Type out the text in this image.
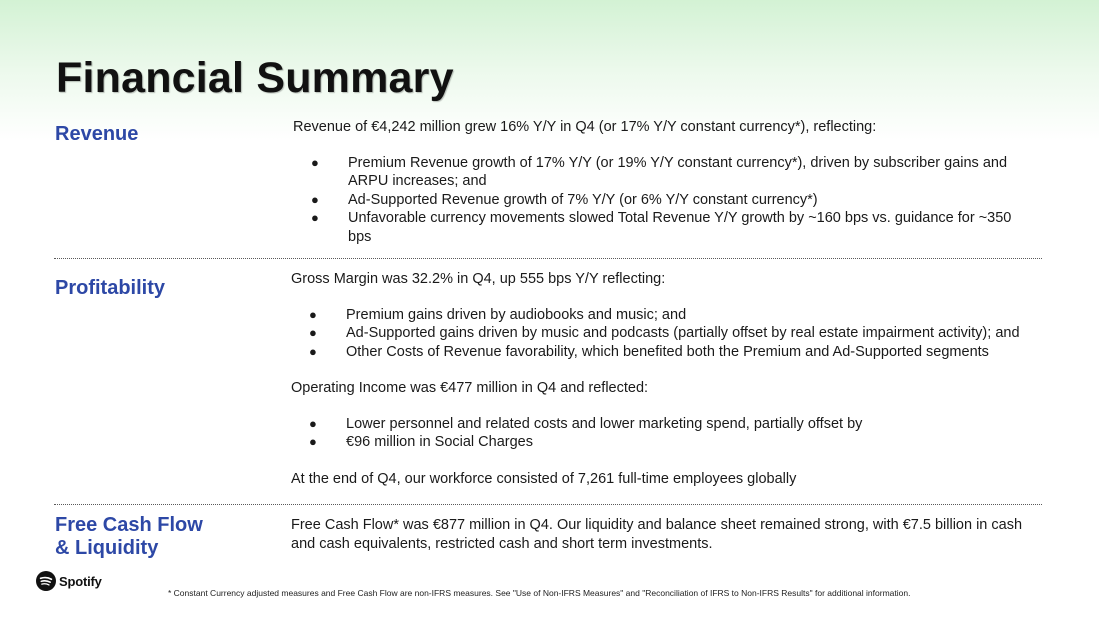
Financial Summary
Revenue	Revenue of €4,242 million grew 16% Y/Y in Q4 (or 17% Y/Y constant currency*), reflecting:

● Premium Revenue growth of 17% Y/Y (or 19% Y/Y constant currency*), driven by subscriber gains and ARPU increases; and
● Ad-Supported Revenue growth of 7% Y/Y (or 6% Y/Y constant currency*)
● Unfavorable currency movements slowed Total Revenue Y/Y growth by ~160 bps vs. guidance for ~350 bps
Profitability	Gross Margin was 32.2% in Q4, up 555 bps Y/Y reflecting:

● Premium gains driven by audiobooks and music; and
● Ad-Supported gains driven by music and podcasts (partially offset by real estate impairment activity); and
● Other Costs of Revenue favorability, which benefited both the Premium and Ad-Supported segments

Operating Income was €477 million in Q4 and reflected:

● Lower personnel and related costs and lower marketing spend, partially offset by
● €96 million in Social Charges

At the end of Q4, our workforce consisted of 7,261 full-time employees globally

Free Cash Flow
& Liquidity

Free Cash Flow* was €877 million in Q4. Our liquidity and balance sheet remained strong, with €7.5 billion in cash and cash equivalents, restricted cash and short term investments.

Spotify
* Constant Currency adjusted measures and Free Cash Flow are non-IFRS measures. See "Use of Non-IFRS Measures" and "Reconciliation of IFRS to Non-IFRS Results" for additional information.
